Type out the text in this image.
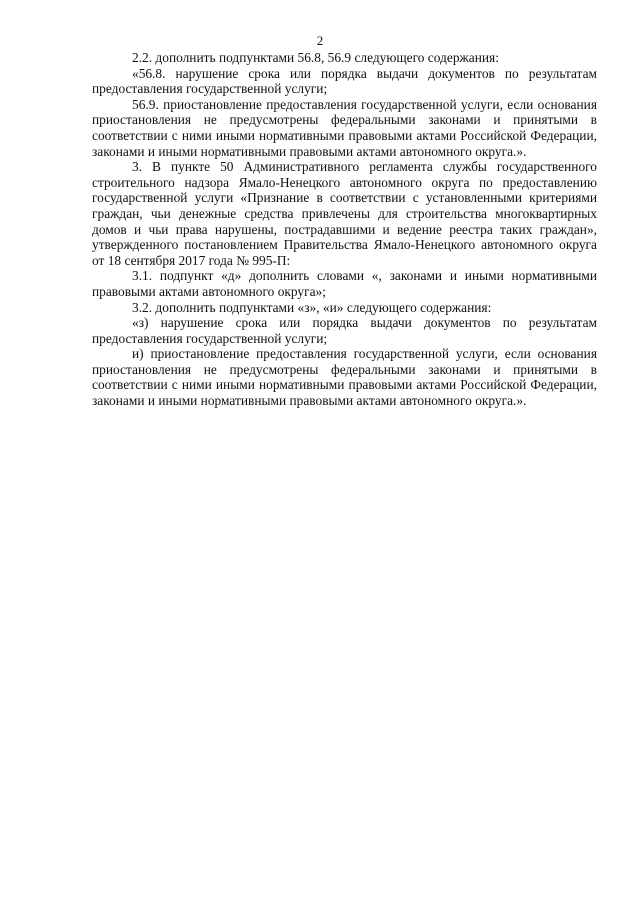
2

2.2. дополнить подпунктами 56.8, 56.9 следующего содержания:

«56.8. нарушение срока или порядка выдачи документов по результатам предоставления государственной услуги;

56.9. приостановление предоставления государственной услуги, если основания приостановления не предусмотрены федеральными законами и принятыми в соответствии с ними иными нормативными правовыми актами Российской Федерации, законами и иными нормативными правовыми актами автономного округа.».

3. В пункте 50 Административного регламента службы государственного строительного надзора Ямало-Ненецкого автономного округа по предоставлению государственной услуги «Признание в соответствии с установленными критериями граждан, чьи денежные средства привлечены для строительства многоквартирных домов и чьи права нарушены, пострадавшими и ведение реестра таких граждан», утвержденного постановлением Правительства Ямало-Ненецкого автономного округа от 18 сентября 2017 года № 995-П:

3.1. подпункт «д» дополнить словами «, законами и иными нормативными правовыми актами автономного округа»;

3.2. дополнить подпунктами «з», «и» следующего содержания:

«з) нарушение срока или порядка выдачи документов по результатам предоставления государственной услуги;

и) приостановление предоставления государственной услуги, если основания приостановления не предусмотрены федеральными законами и принятыми в соответствии с ними иными нормативными правовыми актами Российской Федерации, законами и иными нормативными правовыми актами автономного округа.».
